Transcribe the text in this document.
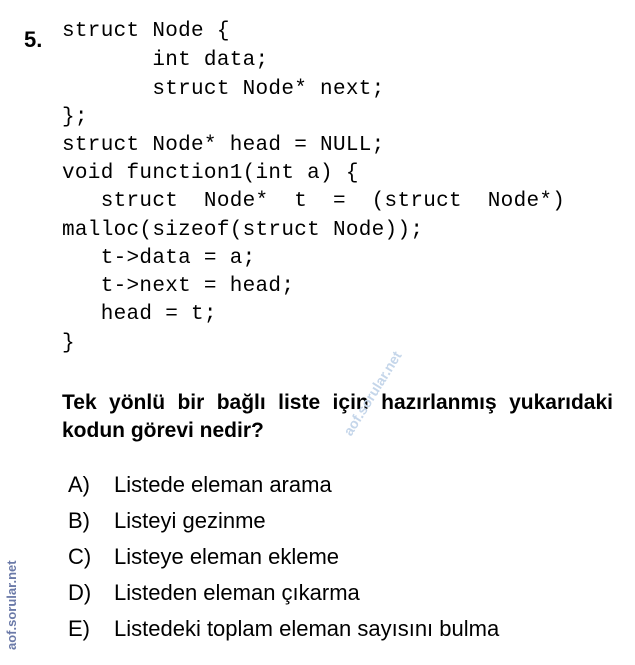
5. struct Node {
int data;
struct Node* next;
};
struct Node* head = NULL;
void function1(int a) {
struct  Node*  t  =  (struct  Node*)
malloc(sizeof(struct Node));
t->data = a;
t->next = head;
head = t;
}
Tek yönlü bir bağlı liste için hazırlanmış yukarıdaki kodun görevi nedir?
A) Listede eleman arama
B) Listeyi gezinme
C) Listeye eleman ekleme
D) Listeden eleman çıkarma
E) Listedeki toplam eleman sayısını bulma
aof.sorular.net
aof.sorular.net
